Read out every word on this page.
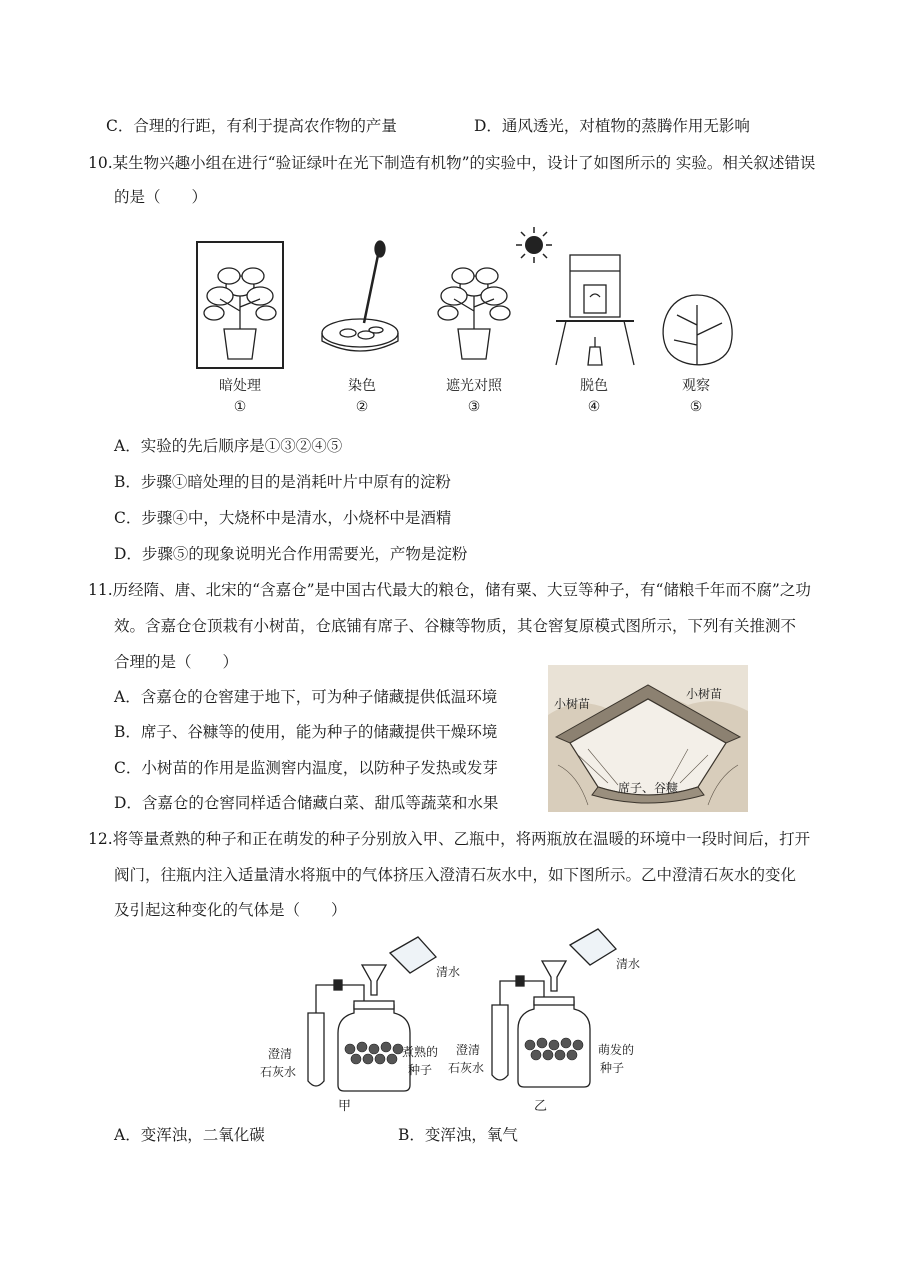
C．合理的行距，有利于提高农作物的产量	D．通风透光，对植物的蒸腾作用无影响
10.某生物兴趣小组在进行“验证绿叶在光下制造有机物”的实验中，设计了如图所示的 实验。相关叙述错误
的是（　　）
暗处理	染色	遮光对照	脱色	观察
①	②	③	④	⑤
A．实验的先后顺序是①③②④⑤
B．步骤①暗处理的目的是消耗叶片中原有的淀粉
C．步骤④中，大烧杯中是清水，小烧杯中是酒精
D．步骤⑤的现象说明光合作用需要光，产物是淀粉
11.历经隋、唐、北宋的“含嘉仓”是中国古代最大的粮仓，储有粟、大豆等种子，有“储粮千年而不腐”之功
效。含嘉仓仓顶栽有小树苗，仓底铺有席子、谷糠等物质，其仓窖复原模式图所示，下列有关推测不
合理的是（　　）
A．含嘉仓的仓窖建于地下，可为种子储藏提供低温环境
B．席子、谷糠等的使用，能为种子的储藏提供干燥环境
C．小树苗的作用是监测窖内温度，以防种子发热或发芽
D．含嘉仓的仓窖同样适合储藏白菜、甜瓜等蔬菜和水果
小树苗
小树苗
席子、谷糠
12.将等量煮熟的种子和正在萌发的种子分别放入甲、乙瓶中，将两瓶放在温暖的环境中一段时间后，打开
阀门，往瓶内注入适量清水将瓶中的气体挤压入澄清石灰水中，如下图所示。乙中澄清石灰水的变化
及引起这种变化的气体是（　　）
清水
澄清
石灰水
煮熟的
种子
甲
清水
澄清
石灰水
萌发的
种子
乙
A．变浑浊，二氧化碳	B．变浑浊，氧气
